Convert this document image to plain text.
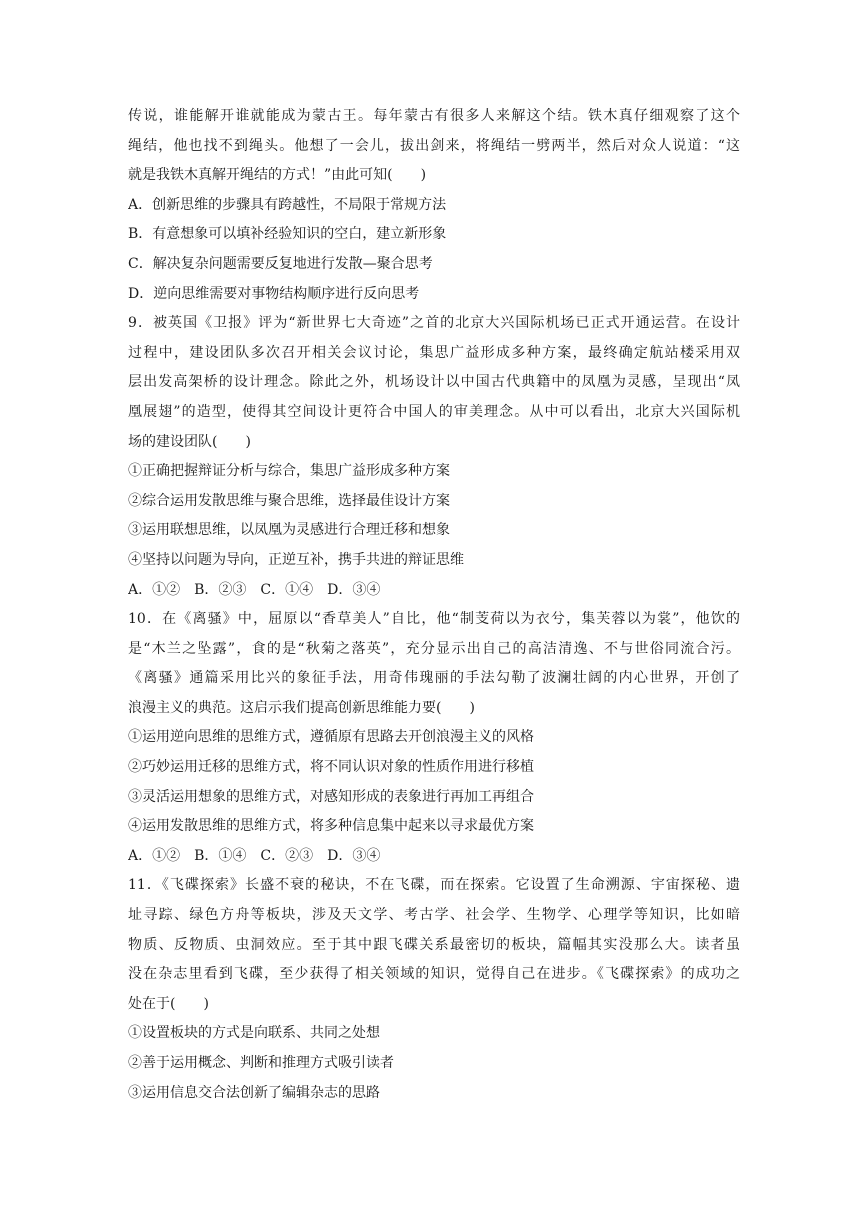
传说，谁能解开谁就能成为蒙古王。每年蒙古有很多人来解这个结。铁木真仔细观察了这个
绳结，他也找不到绳头。他想了一会儿，拔出剑来，将绳结一劈两半，然后对众人说道：“这
就是我铁木真解开绳结的方式！”由此可知(　　)
A．创新思维的步骤具有跨越性，不局限于常规方法
B．有意想象可以填补经验知识的空白，建立新形象
C．解决复杂问题需要反复地进行发散—聚合思考
D．逆向思维需要对事物结构顺序进行反向思考
9．被英国《卫报》评为“新世界七大奇迹”之首的北京大兴国际机场已正式开通运营。在设计
过程中，建设团队多次召开相关会议讨论，集思广益形成多种方案，最终确定航站楼采用双
层出发高架桥的设计理念。除此之外，机场设计以中国古代典籍中的凤凰为灵感，呈现出“凤
凰展翅”的造型，使得其空间设计更符合中国人的审美理念。从中可以看出，北京大兴国际机
场的建设团队(　　)
①正确把握辩证分析与综合，集思广益形成多种方案
②综合运用发散思维与聚合思维，选择最佳设计方案
③运用联想思维，以凤凰为灵感进行合理迁移和想象
④坚持以问题为导向，正逆互补，携手共进的辩证思维
A．①②　B．②③　C．①④　D．③④
10．在《离骚》中，屈原以“香草美人”自比，他“制芰荷以为衣兮，集芙蓉以为裳”，他饮的
是“木兰之坠露”，食的是“秋菊之落英”，充分显示出自己的高洁清逸、不与世俗同流合污。
《离骚》通篇采用比兴的象征手法，用奇伟瑰丽的手法勾勒了波澜壮阔的内心世界，开创了
浪漫主义的典范。这启示我们提高创新思维能力要(　　)
①运用逆向思维的思维方式，遵循原有思路去开创浪漫主义的风格
②巧妙运用迁移的思维方式，将不同认识对象的性质作用进行移植
③灵活运用想象的思维方式，对感知形成的表象进行再加工再组合
④运用发散思维的思维方式，将多种信息集中起来以寻求最优方案
A．①②　B．①④　C．②③　D．③④
11．《飞碟探索》长盛不衰的秘诀，不在飞碟，而在探索。它设置了生命溯源、宇宙探秘、遗
址寻踪、绿色方舟等板块，涉及天文学、考古学、社会学、生物学、心理学等知识，比如暗
物质、反物质、虫洞效应。至于其中跟飞碟关系最密切的板块，篇幅其实没那么大。读者虽
没在杂志里看到飞碟，至少获得了相关领域的知识，觉得自己在进步。《飞碟探索》的成功之
处在于(　　)
①设置板块的方式是向联系、共同之处想
②善于运用概念、判断和推理方式吸引读者
③运用信息交合法创新了编辑杂志的思路
